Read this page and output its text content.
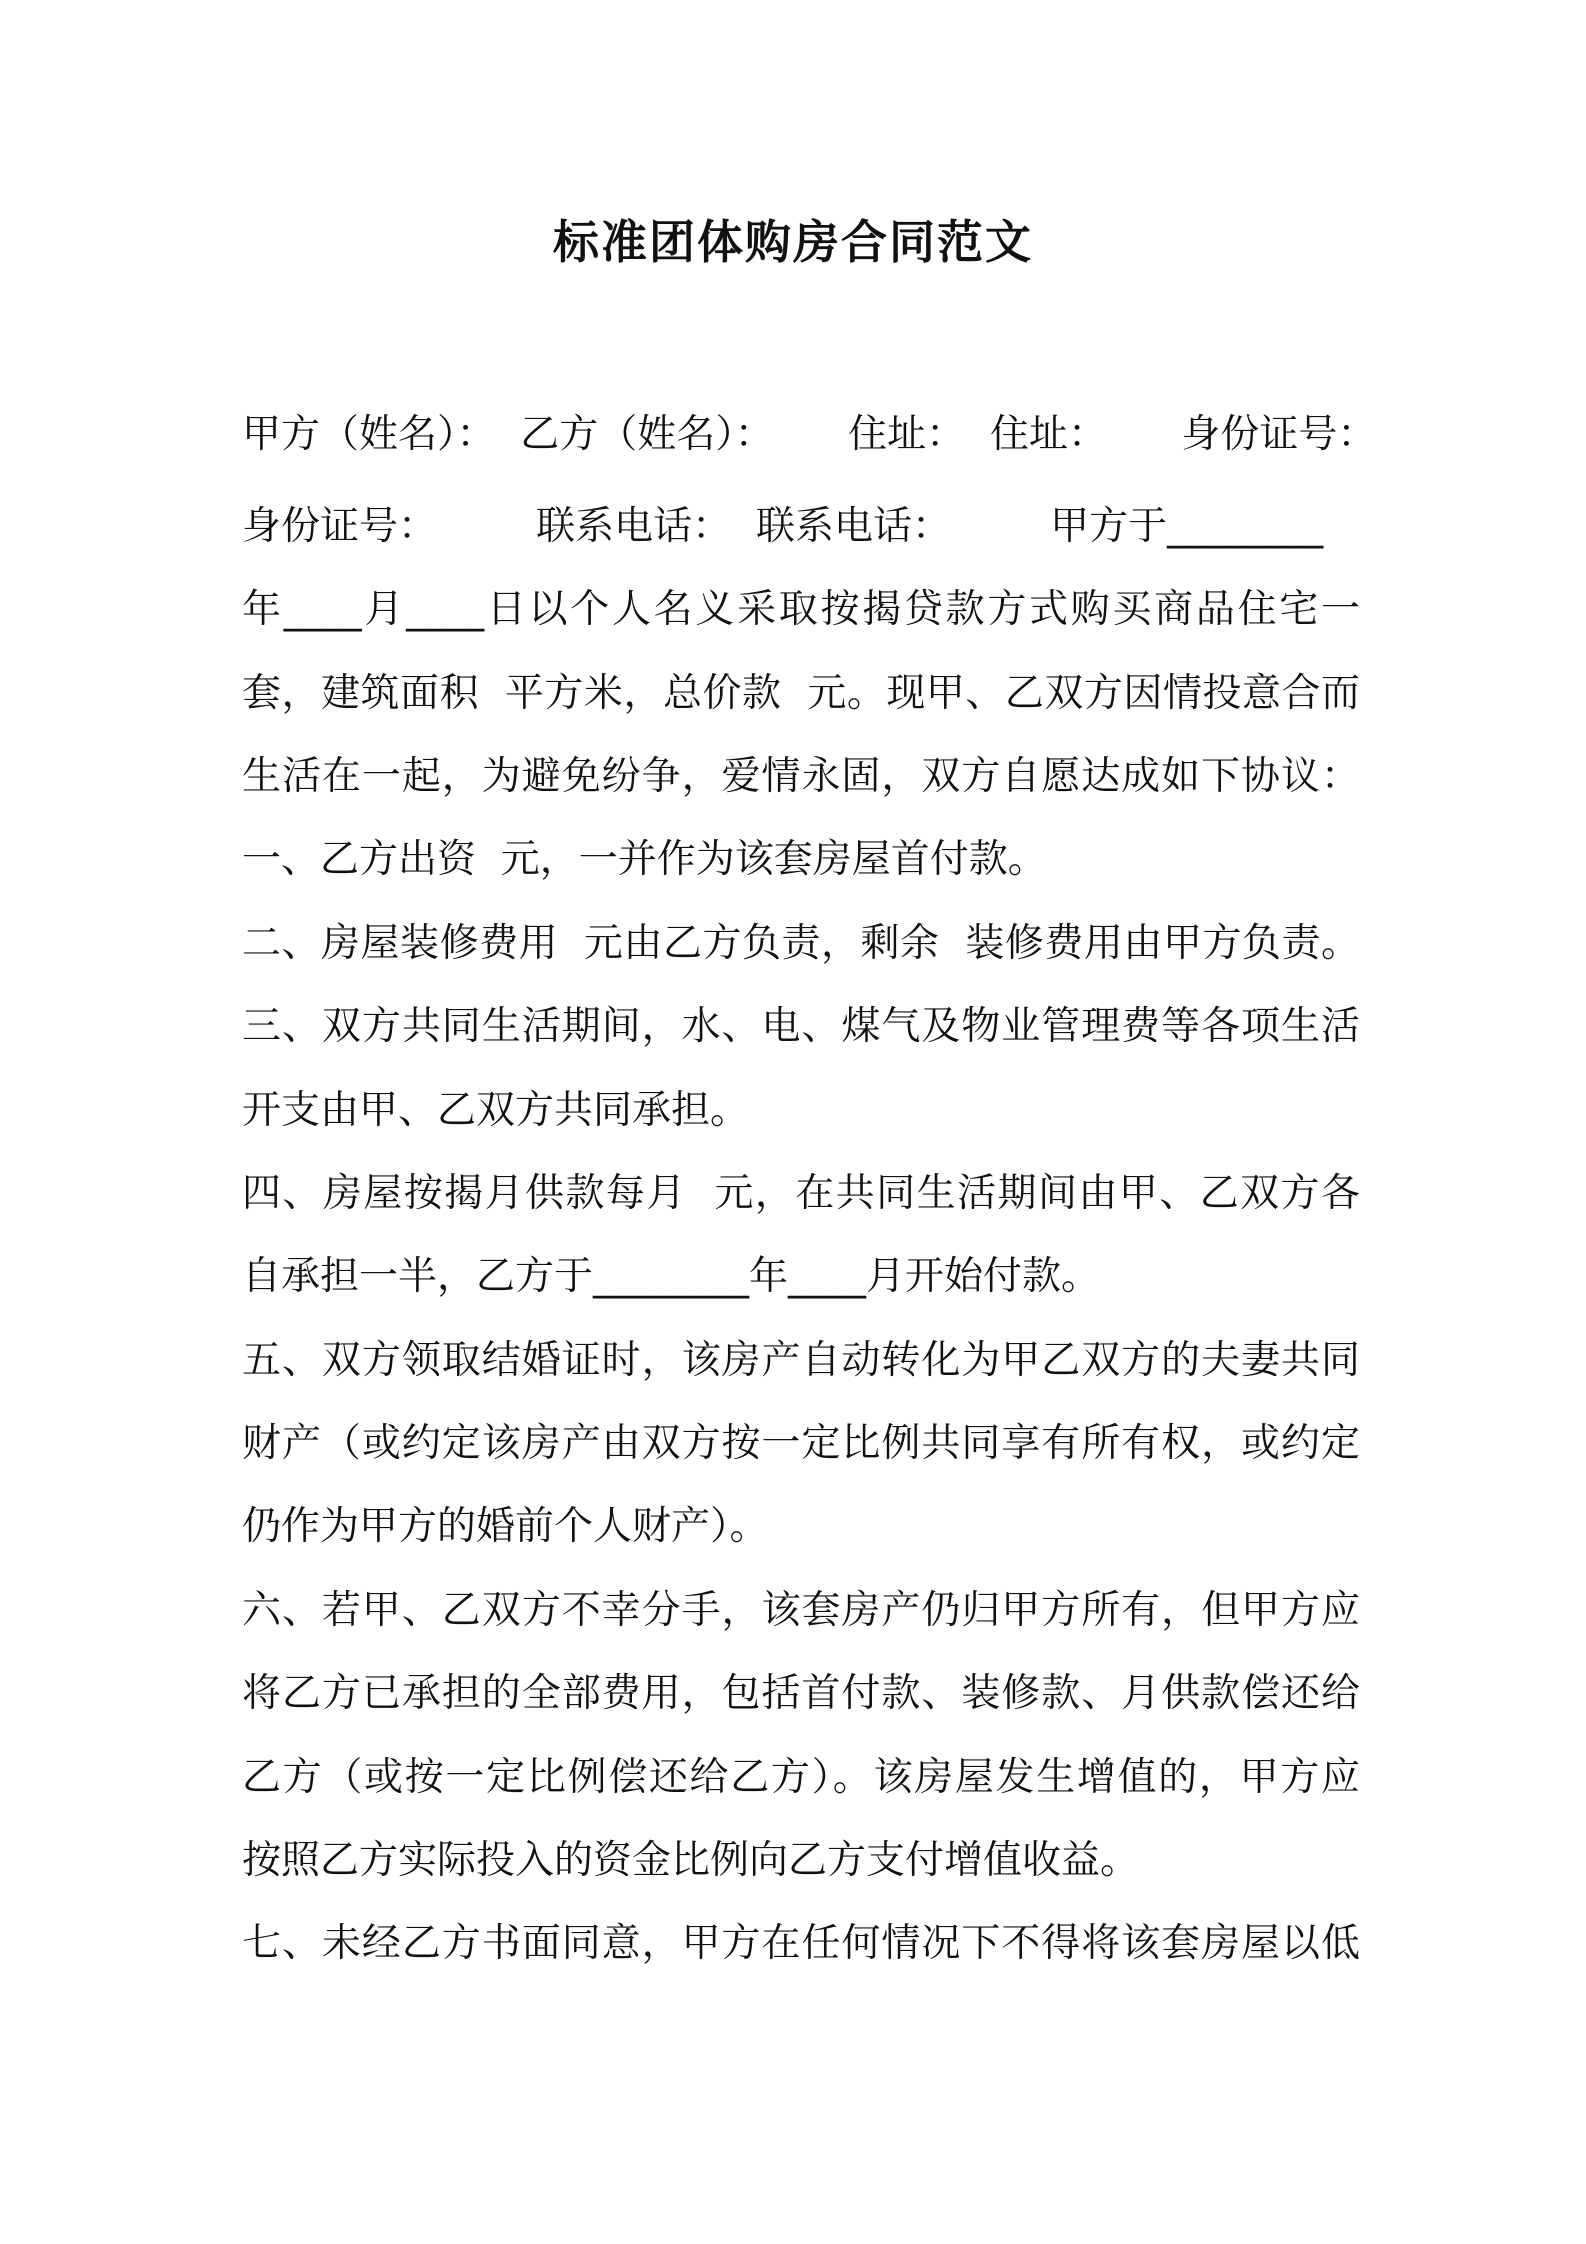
标准团体购房合同范文
甲方（姓名）：  乙方（姓名）：      住址：  住址：      身份证号：
身份证号：        联系电话：  联系电话：        甲方于________
年____月____日以个人名义采取按揭贷款方式购买商品住宅一
套，建筑面积  平方米，总价款  元。现甲、乙双方因情投意合而
生活在一起，为避免纷争，爱情永固，双方自愿达成如下协议：
一、乙方出资  元，一并作为该套房屋首付款。
二、房屋装修费用  元由乙方负责，剩余  装修费用由甲方负责。
三、双方共同生活期间，水、电、煤气及物业管理费等各项生活
开支由甲、乙双方共同承担。
四、房屋按揭月供款每月  元，在共同生活期间由甲、乙双方各
自承担一半，乙方于________年____月开始付款。
五、双方领取结婚证时，该房产自动转化为甲乙双方的夫妻共同
财产（或约定该房产由双方按一定比例共同享有所有权，或约定
仍作为甲方的婚前个人财产）。
六、若甲、乙双方不幸分手，该套房产仍归甲方所有，但甲方应
将乙方已承担的全部费用，包括首付款、装修款、月供款偿还给
乙方（或按一定比例偿还给乙方）。该房屋发生增值的，甲方应
按照乙方实际投入的资金比例向乙方支付增值收益。
七、未经乙方书面同意，甲方在任何情况下不得将该套房屋以低
